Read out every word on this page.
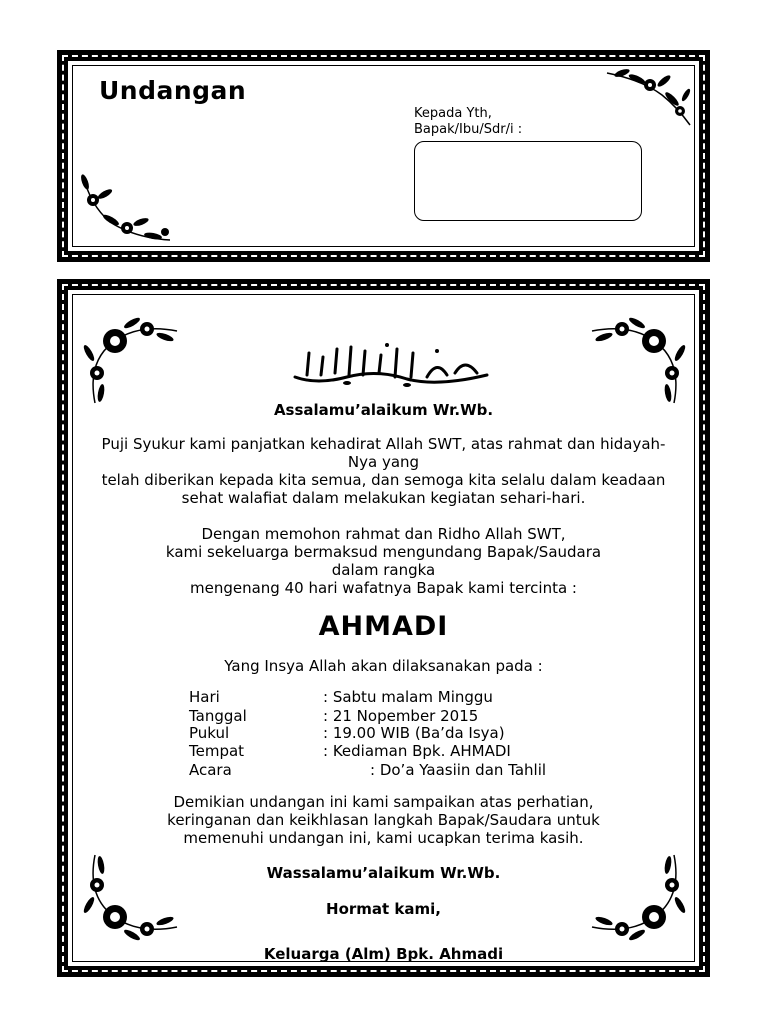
Undangan
Kepada Yth,
Bapak/Ibu/Sdr/i :
Assalamu’alaikum Wr.Wb.
Puji Syukur kami panjatkan kehadirat Allah SWT, atas rahmat dan hidayah-
Nya yang
telah diberikan kepada kita semua, dan semoga kita selalu dalam keadaan
sehat walafiat dalam melakukan kegiatan sehari-hari.
Dengan memohon rahmat dan Ridho Allah SWT,
kami sekeluarga bermaksud mengundang Bapak/Saudara
dalam rangka
mengenang 40 hari wafatnya Bapak kami tercinta :
AHMADI
Yang Insya Allah akan dilaksanakan pada :
Hari	: Sabtu malam Minggu
Tanggal	: 21 Nopember 2015
Pukul	: 19.00 WIB (Ba’da Isya)
Tempat	: Kediaman Bpk. AHMADI
Acara	: Do’a Yaasiin dan Tahlil
Demikian undangan ini kami sampaikan atas perhatian,
keringanan dan keikhlasan langkah Bapak/Saudara untuk
memenuhi undangan ini, kami ucapkan terima kasih.
Wassalamu’alaikum Wr.Wb.
Hormat kami,
Keluarga (Alm) Bpk. Ahmadi
